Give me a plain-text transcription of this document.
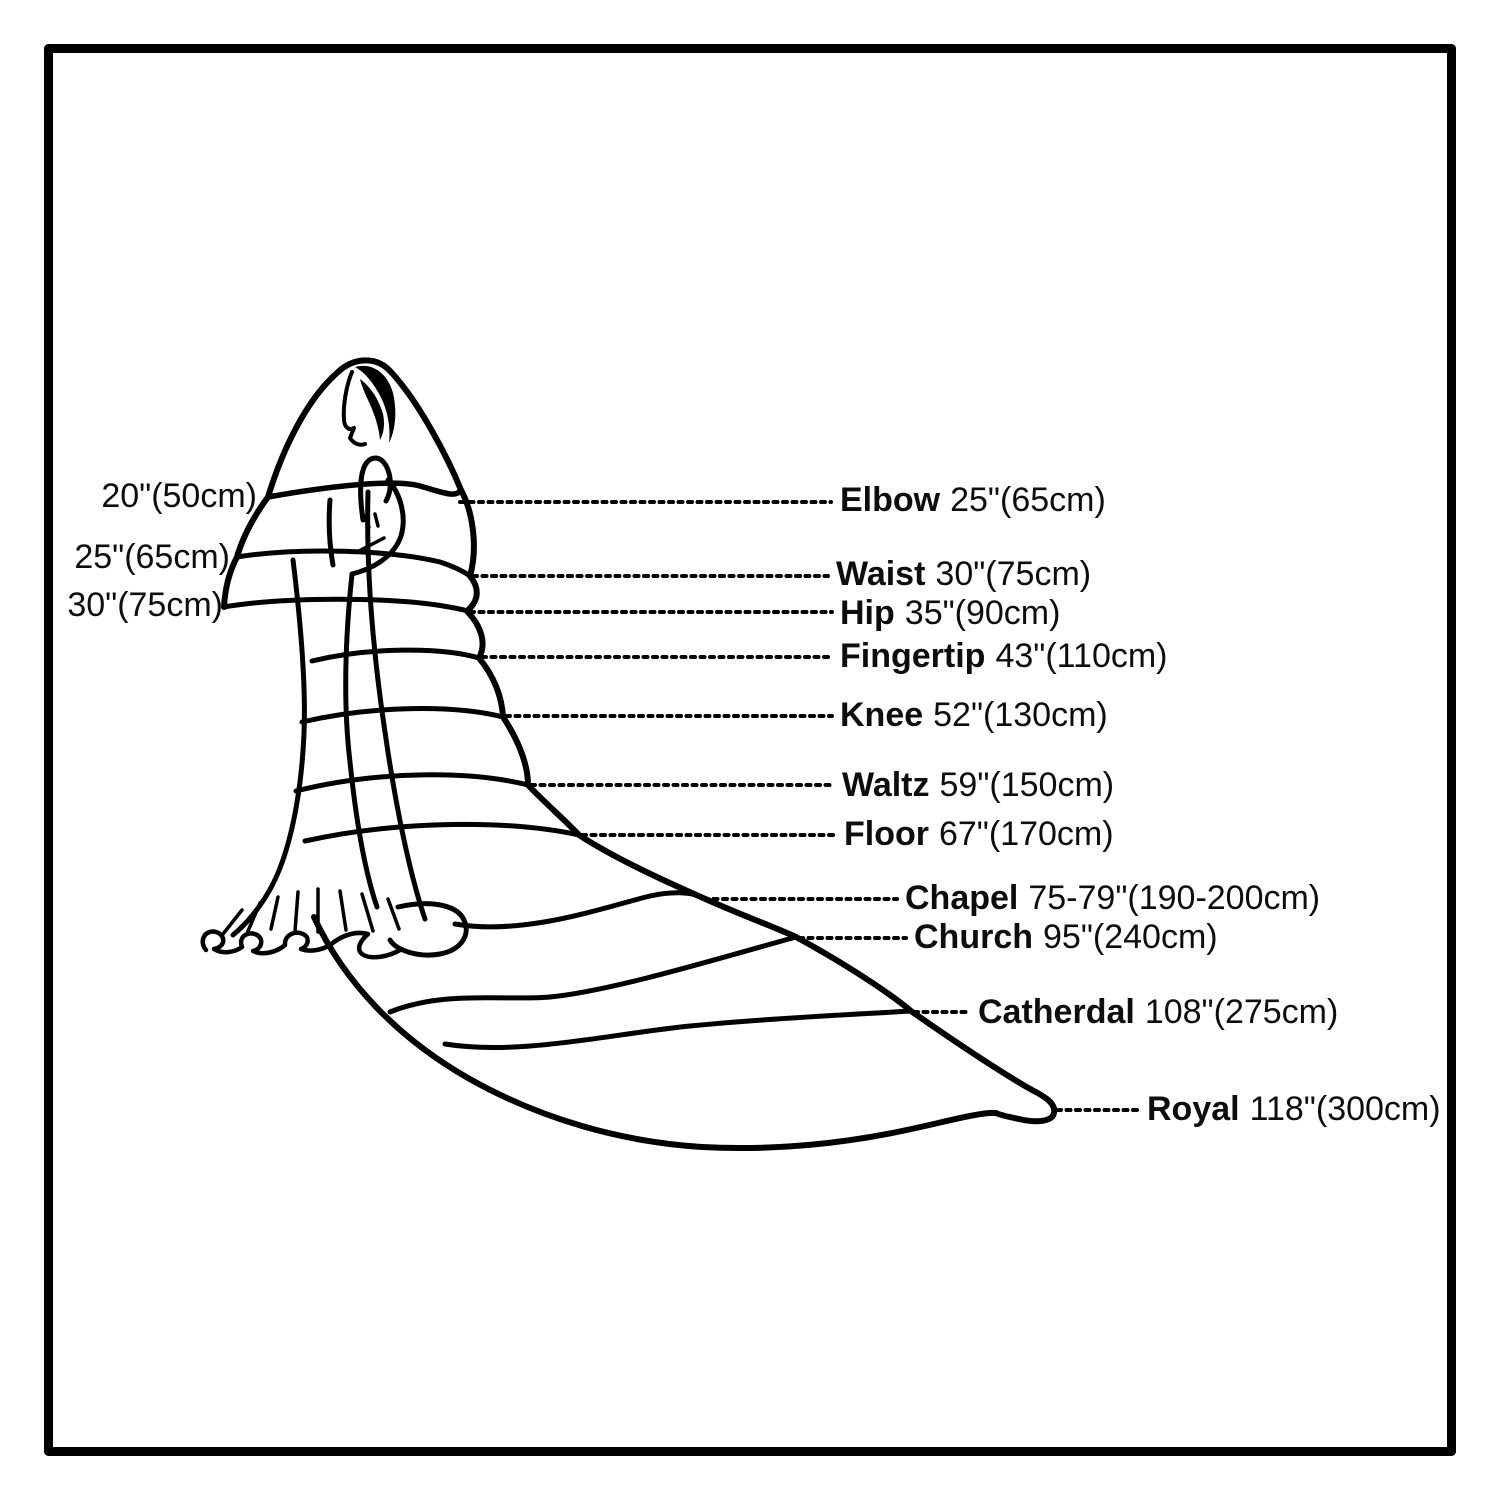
20"(50cm)
25"(65cm)
30"(75cm)
Elbow 25"(65cm)
Waist 30"(75cm)
Hip 35"(90cm)
Fingertip 43"(110cm)
Knee 52"(130cm)
Waltz 59"(150cm)
Floor 67"(170cm)
Chapel 75-79"(190-200cm)
Church 95"(240cm)
Catherdal 108"(275cm)
Royal 118"(300cm)
